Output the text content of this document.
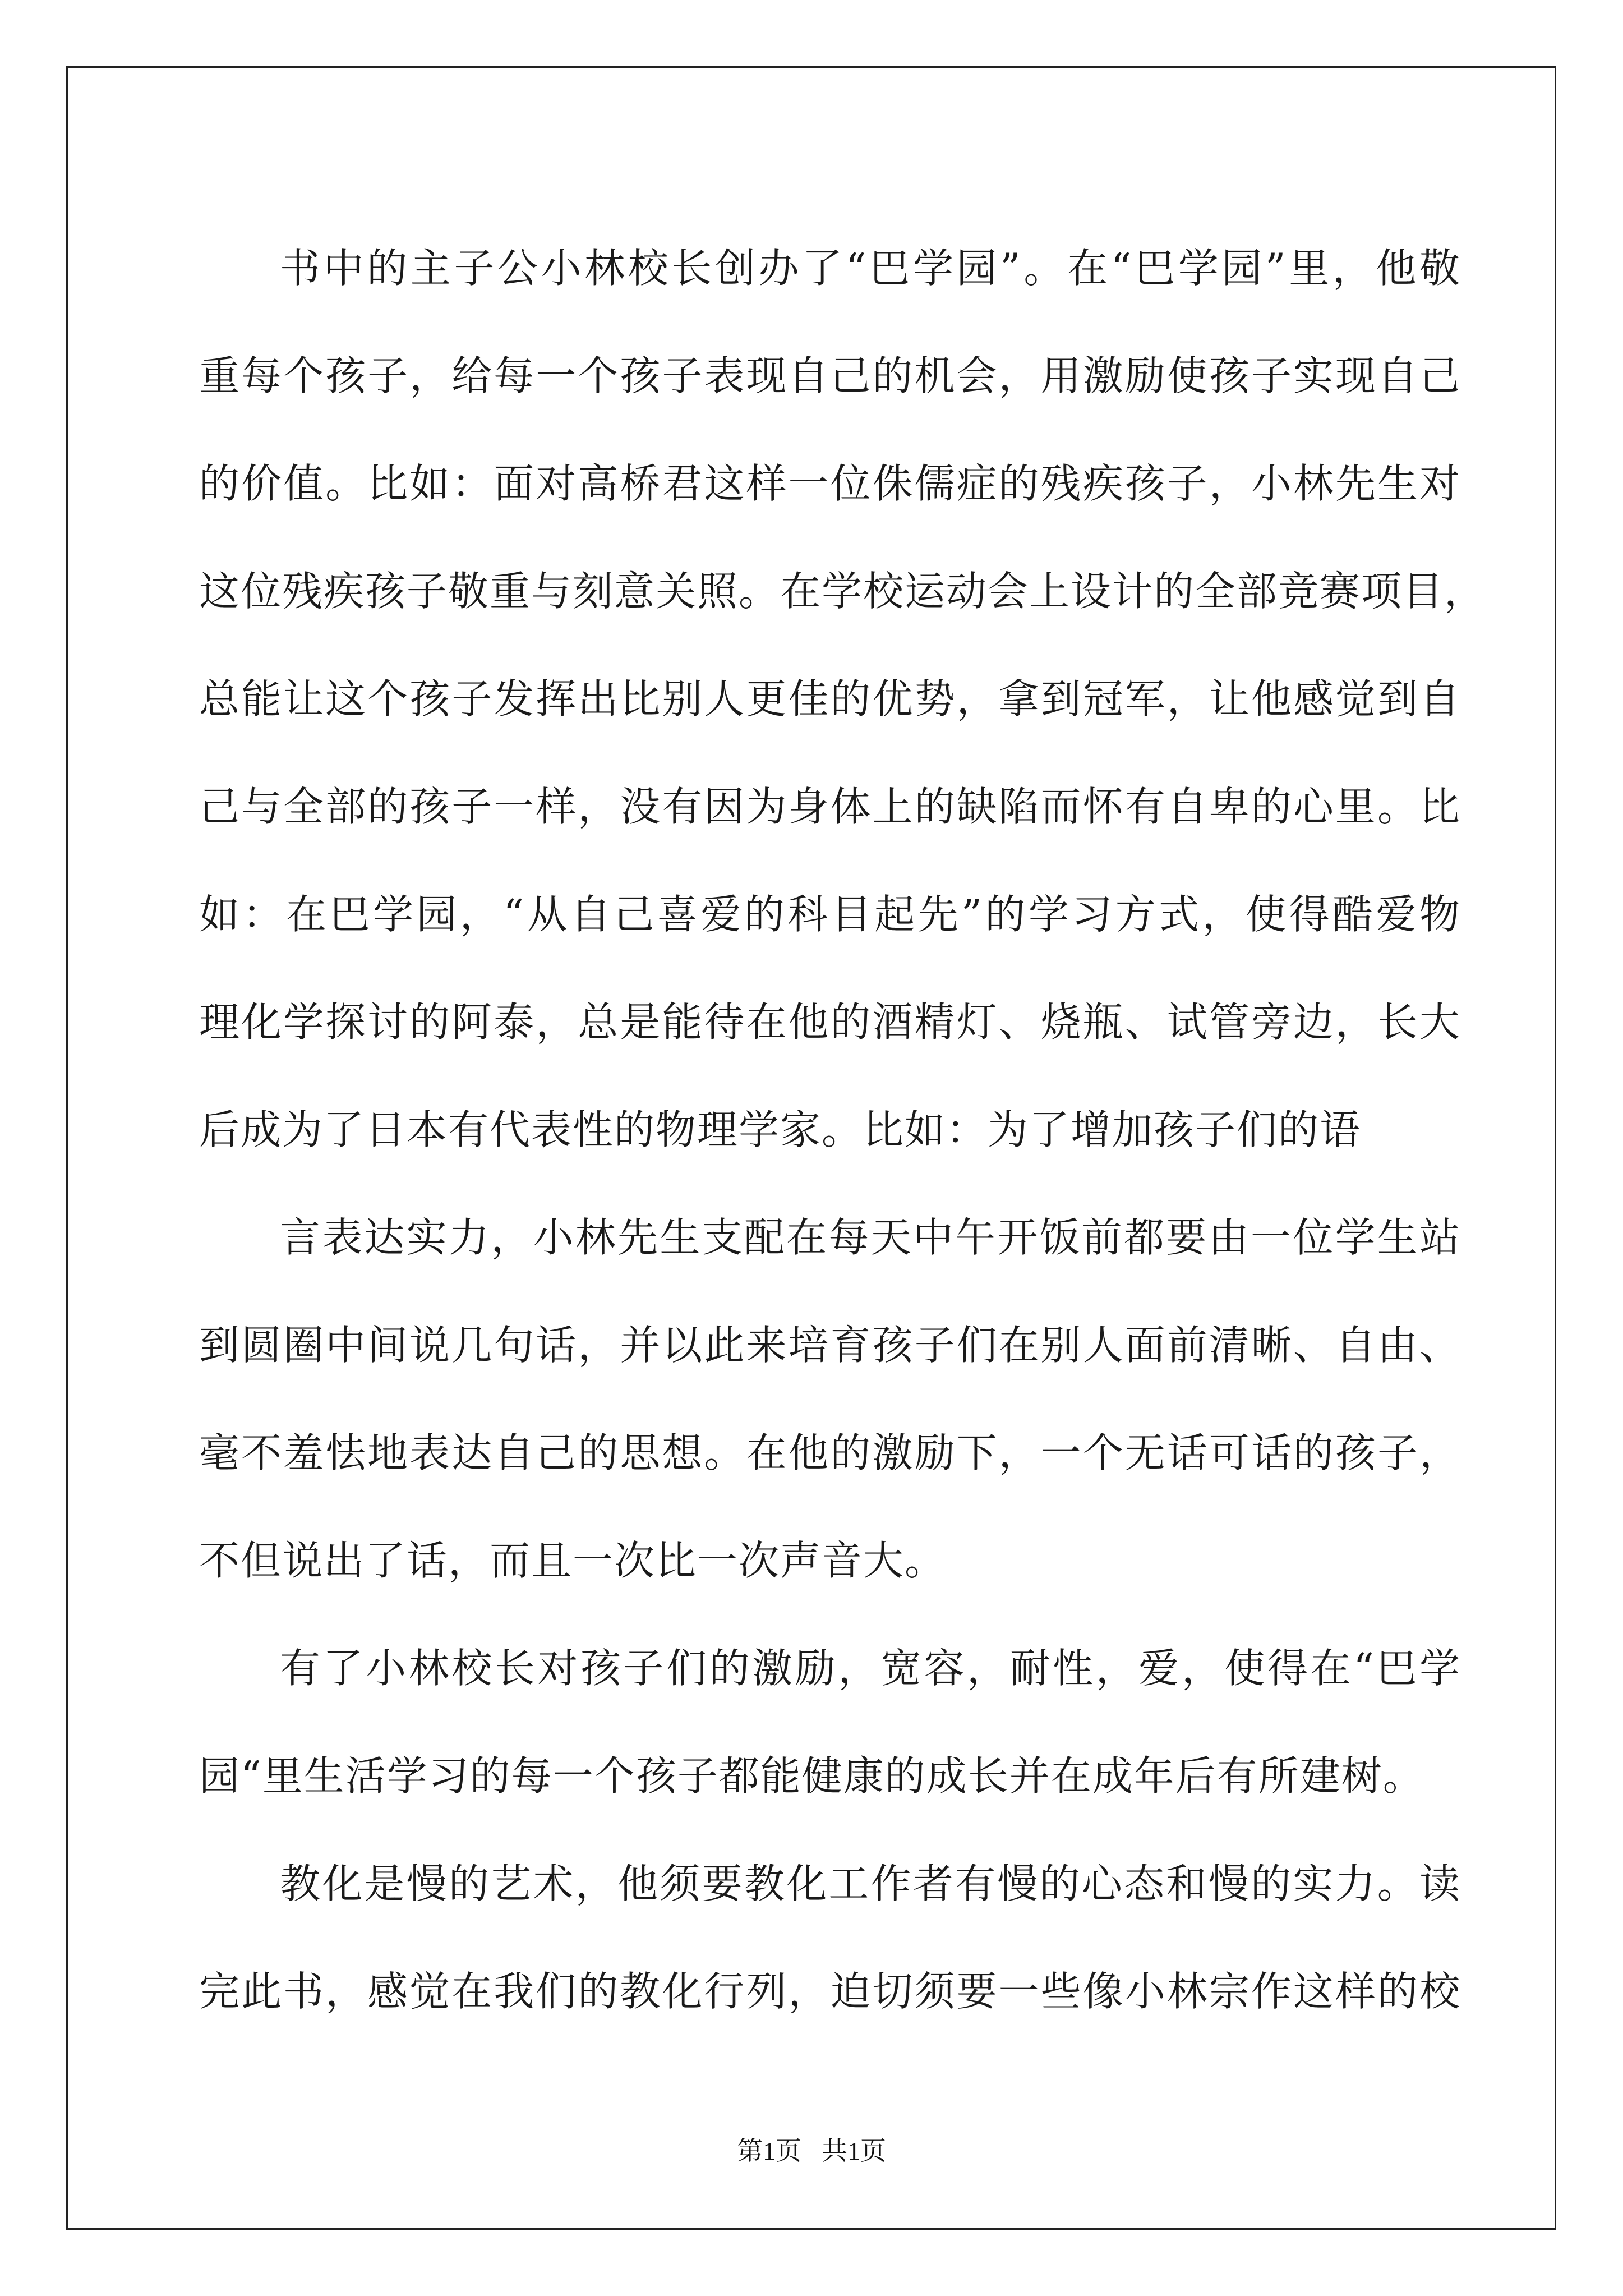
书中的主子公小林校长创办了“巴学园”。在“巴学园”里，他敬
重每个孩子，给每一个孩子表现自己的机会，用激励使孩子实现自己
的价值。比如：面对高桥君这样一位侏儒症的残疾孩子，小林先生对
这位残疾孩子敬重与刻意关照。在学校运动会上设计的全部竞赛项目，
总能让这个孩子发挥出比别人更佳的优势，拿到冠军，让他感觉到自
己与全部的孩子一样，没有因为身体上的缺陷而怀有自卑的心里。比
如：在巴学园，“从自己喜爱的科目起先”的学习方式，使得酷爱物
理化学探讨的阿泰，总是能待在他的酒精灯、烧瓶、试管旁边，长大
后成为了日本有代表性的物理学家。比如：为了增加孩子们的语
言表达实力，小林先生支配在每天中午开饭前都要由一位学生站
到圆圈中间说几句话，并以此来培育孩子们在别人面前清晰、自由、
毫不羞怯地表达自己的思想。在他的激励下，一个无话可话的孩子，
不但说出了话，而且一次比一次声音大。
有了小林校长对孩子们的激励，宽容，耐性，爱，使得在“巴学
园“里生活学习的每一个孩子都能健康的成长并在成年后有所建树。
教化是慢的艺术，他须要教化工作者有慢的心态和慢的实力。读
完此书，感觉在我们的教化行列，迫切须要一些像小林宗作这样的校
第1页 共1页
